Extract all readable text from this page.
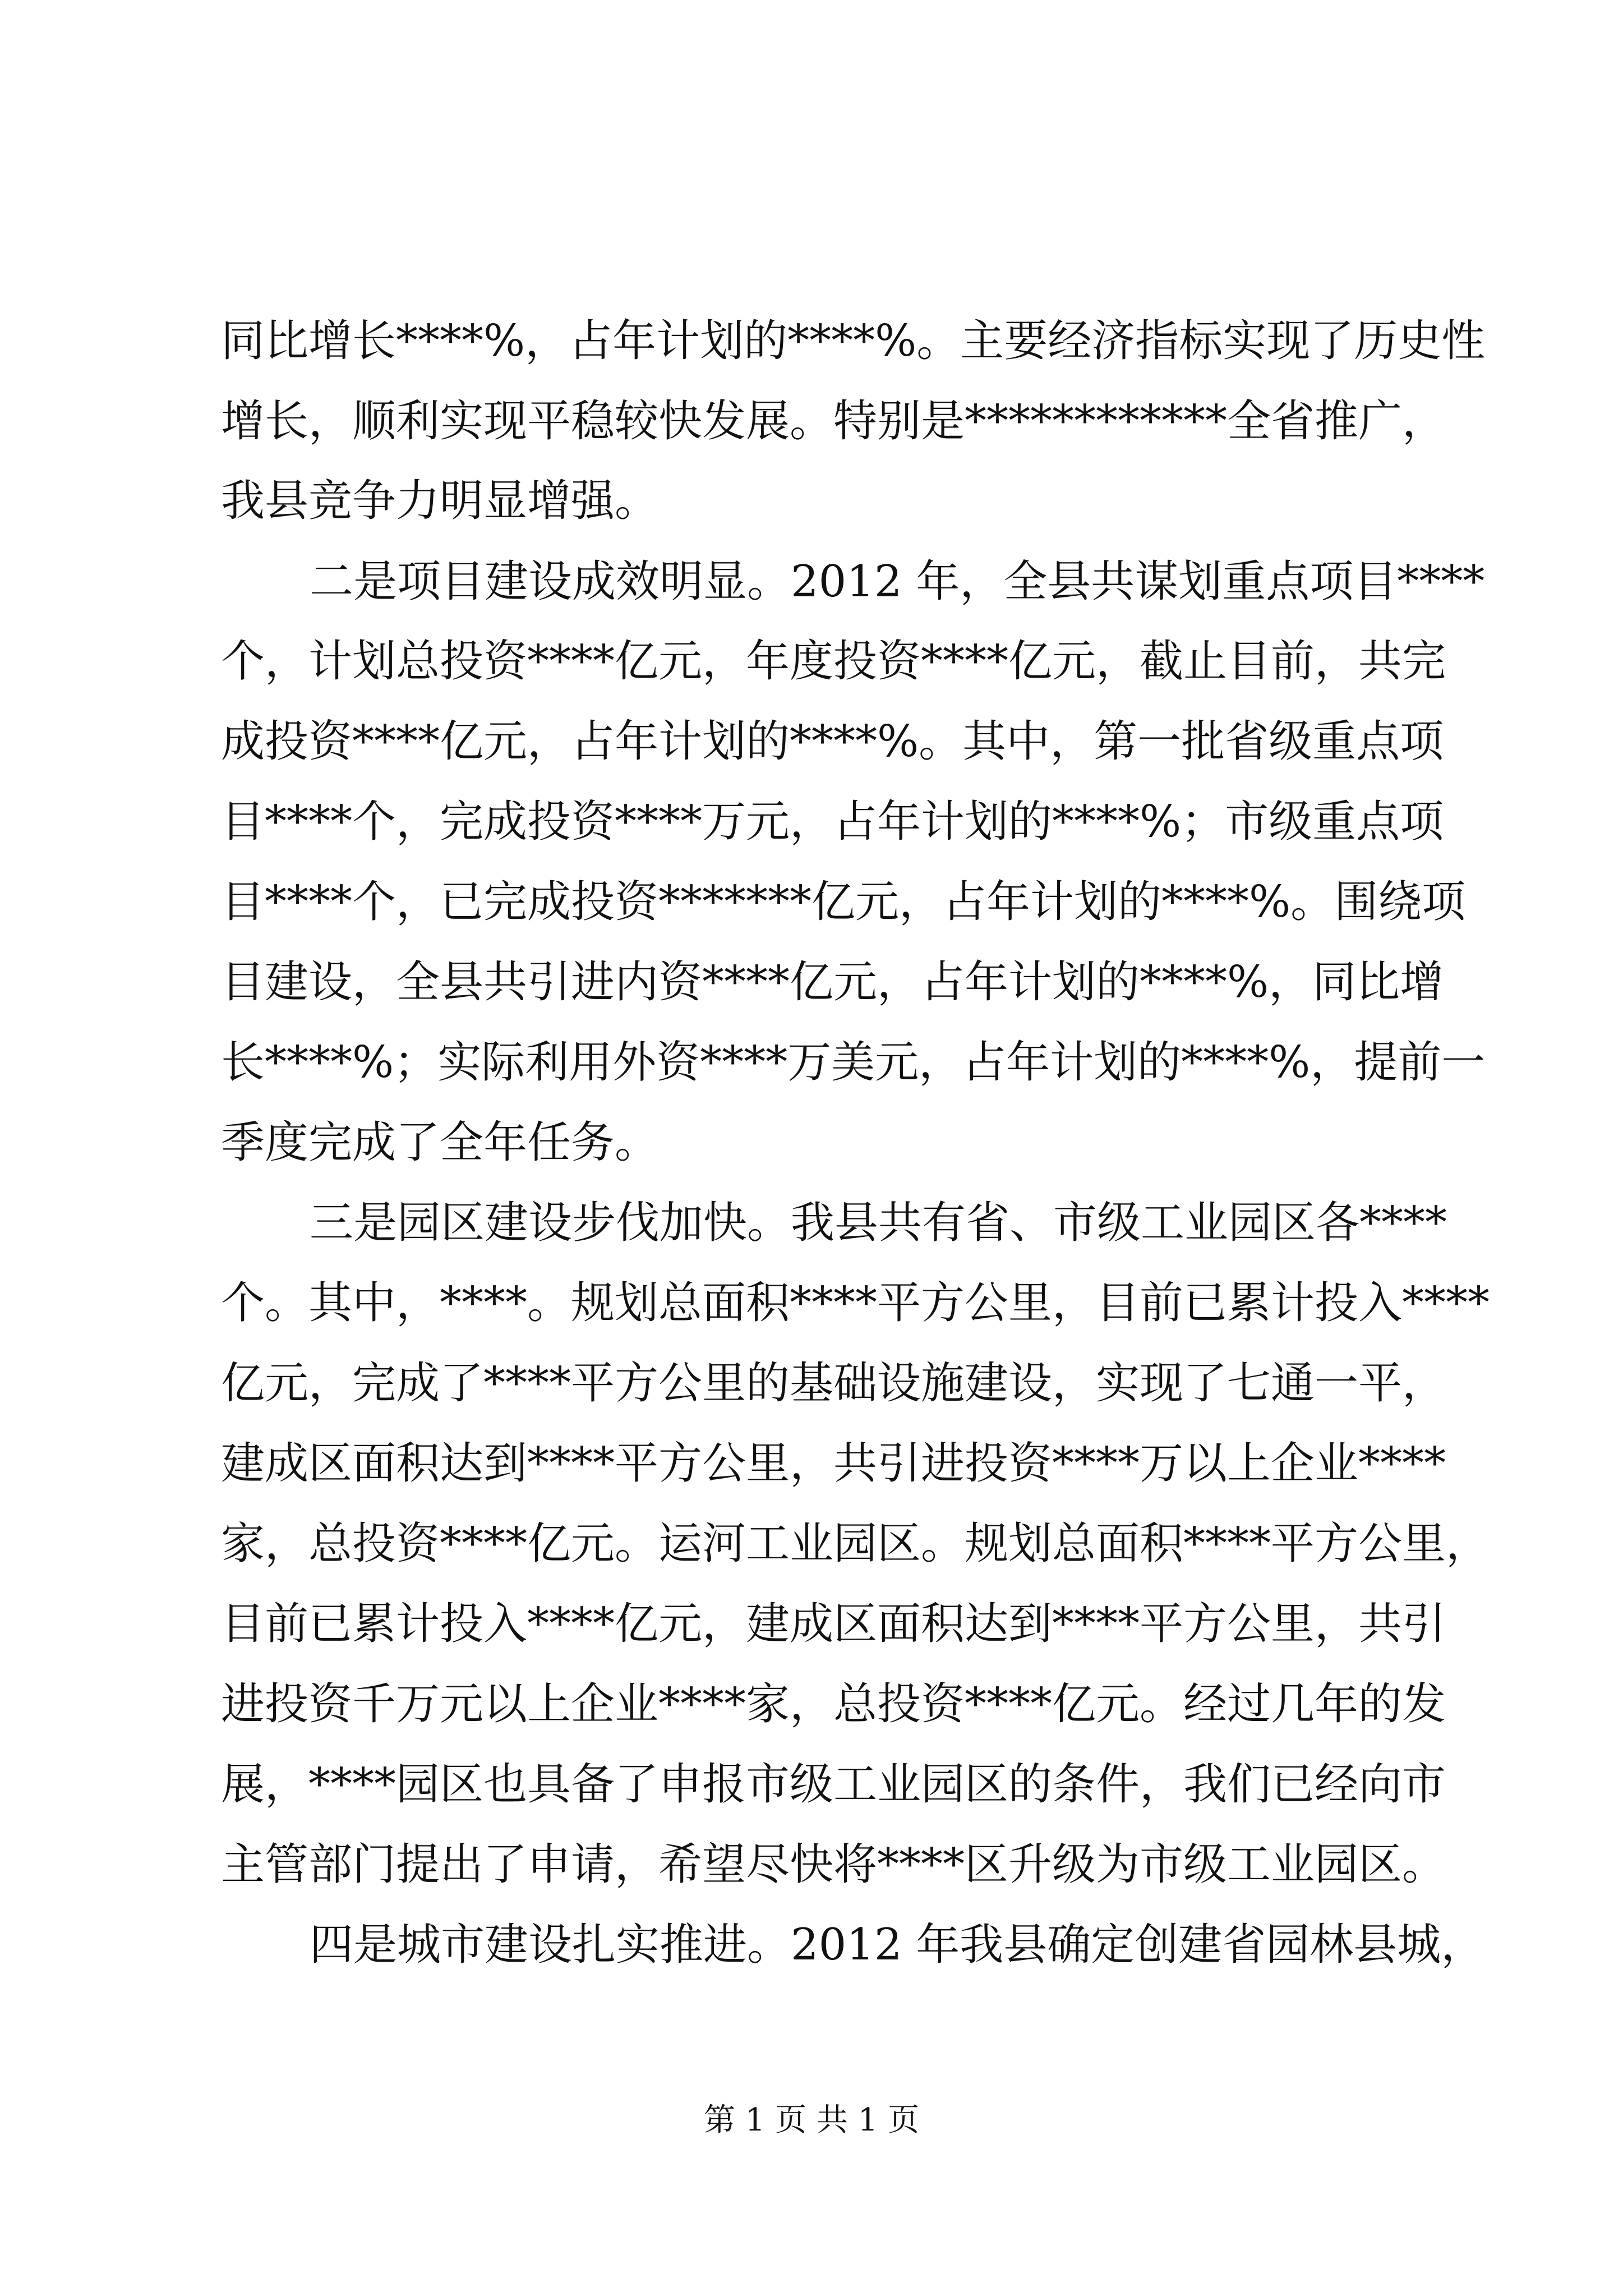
同比增长****%，占年计划的****%。主要经济指标实现了历史性
增长，顺利实现平稳较快发展。特别是************全省推广，
我县竞争力明显增强。
二是项目建设成效明显。2012 年，全县共谋划重点项目****
个，计划总投资****亿元，年度投资****亿元，截止目前，共完
成投资****亿元，占年计划的****%。其中，第一批省级重点项
目****个，完成投资****万元，占年计划的****%；市级重点项
目****个，已完成投资*******亿元，占年计划的****%。围绕项
目建设，全县共引进内资****亿元，占年计划的****%，同比增
长****%；实际利用外资****万美元，占年计划的****%，提前一
季度完成了全年任务。
三是园区建设步伐加快。我县共有省、市级工业园区各****
个。其中，****。规划总面积****平方公里，目前已累计投入****
亿元，完成了****平方公里的基础设施建设，实现了七通一平，
建成区面积达到****平方公里，共引进投资****万以上企业****
家，总投资****亿元。运河工业园区。规划总面积****平方公里，
目前已累计投入****亿元，建成区面积达到****平方公里，共引
进投资千万元以上企业****家，总投资****亿元。经过几年的发
展，****园区也具备了申报市级工业园区的条件，我们已经向市
主管部门提出了申请，希望尽快将****区升级为市级工业园区。
四是城市建设扎实推进。2012 年我县确定创建省园林县城，
第 1 页 共 1 页
